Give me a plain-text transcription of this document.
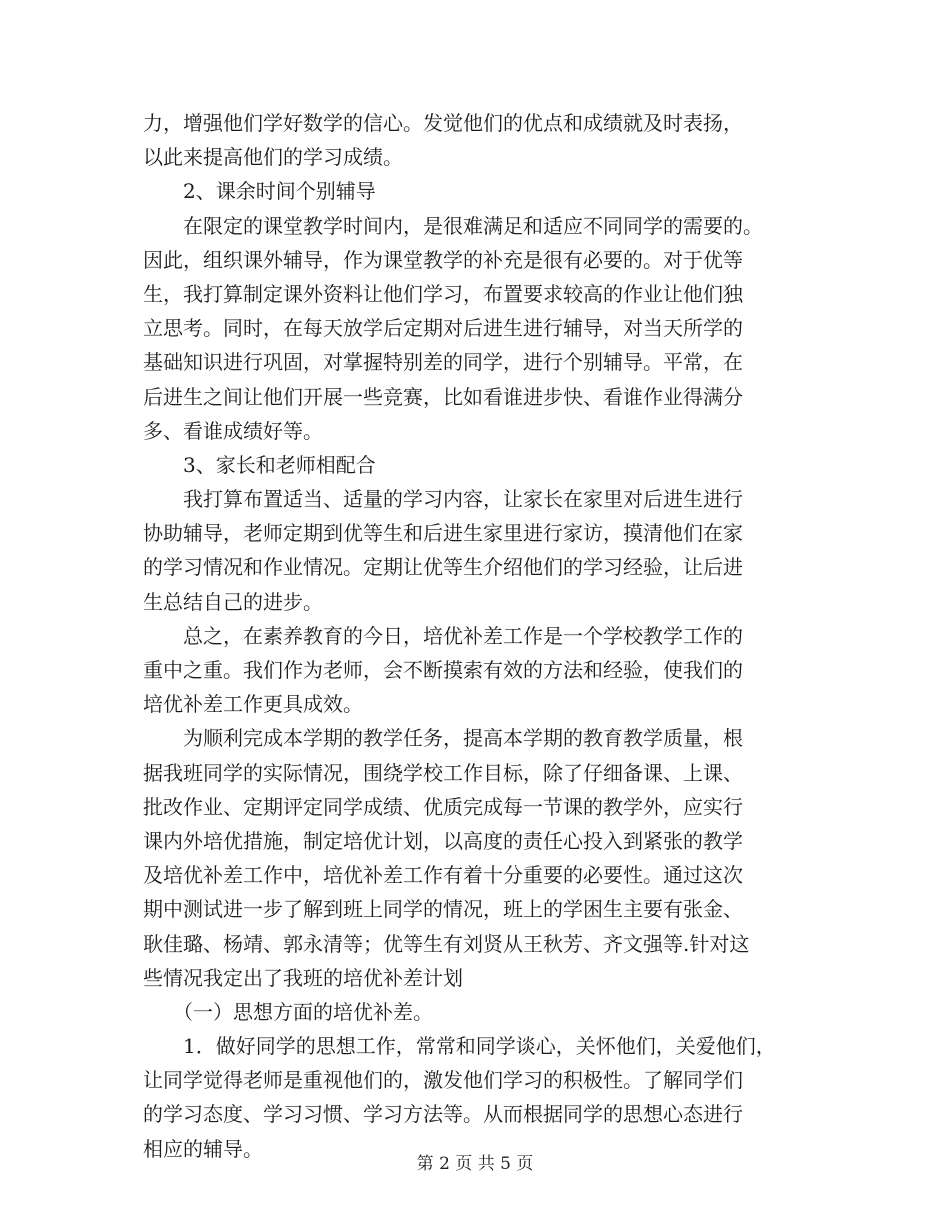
力，增强他们学好数学的信心。发觉他们的优点和成绩就及时表扬，
以此来提高他们的学习成绩。
　　2、课余时间个别辅导
　　在限定的课堂教学时间内，是很难满足和适应不同同学的需要的。
因此，组织课外辅导，作为课堂教学的补充是很有必要的。对于优等
生，我打算制定课外资料让他们学习，布置要求较高的作业让他们独
立思考。同时，在每天放学后定期对后进生进行辅导，对当天所学的
基础知识进行巩固，对掌握特别差的同学，进行个别辅导。平常，在
后进生之间让他们开展一些竞赛，比如看谁进步快、看谁作业得满分
多、看谁成绩好等。
　　3、家长和老师相配合
　　我打算布置适当、适量的学习内容，让家长在家里对后进生进行
协助辅导，老师定期到优等生和后进生家里进行家访，摸清他们在家
的学习情况和作业情况。定期让优等生介绍他们的学习经验，让后进
生总结自己的进步。
　　总之，在素养教育的今日，培优补差工作是一个学校教学工作的
重中之重。我们作为老师，会不断摸索有效的方法和经验，使我们的
培优补差工作更具成效。
　　为顺利完成本学期的教学任务，提高本学期的教育教学质量，根
据我班同学的实际情况，围绕学校工作目标，除了仔细备课、上课、
批改作业、定期评定同学成绩、优质完成每一节课的教学外，应实行
课内外培优措施，制定培优计划，以高度的责任心投入到紧张的教学
及培优补差工作中，培优补差工作有着十分重要的必要性。通过这次
期中测试进一步了解到班上同学的情况，班上的学困生主要有张金、
耿佳璐、杨靖、郭永清等；优等生有刘贤从王秋芳、齐文强等.针对这
些情况我定出了我班的培优补差计划
　　（一）思想方面的培优补差。
　　1．做好同学的思想工作，常常和同学谈心，关怀他们，关爱他们，
让同学觉得老师是重视他们的，激发他们学习的积极性。了解同学们
的学习态度、学习习惯、学习方法等。从而根据同学的思想心态进行
相应的辅导。
第 2 页 共 5 页
